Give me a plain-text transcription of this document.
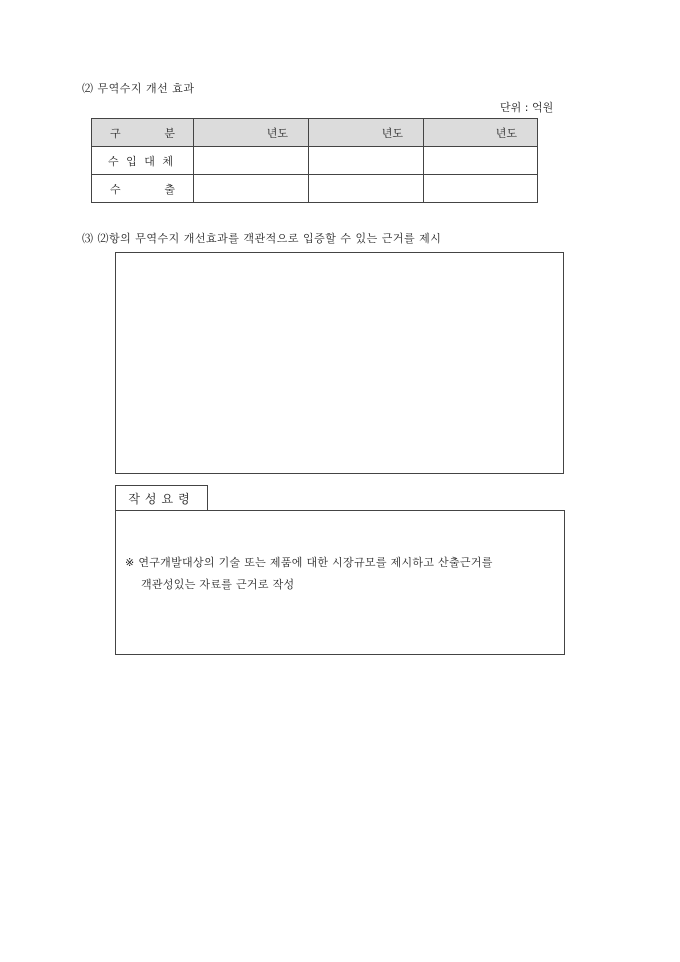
⑵ 무역수지 개선 효과
단위 : 억원
구 분	년도	년도	년도

수 입 대 체			

수 출			

⑶ ⑵항의 무역수지 개선효과를 객관적으로 입증할 수 있는 근거를 제시
작성요령
※ 연구개발대상의 기술 또는 제품에 대한 시장규모를 제시하고 산출근거를
객관성있는 자료를 근거로 작성
